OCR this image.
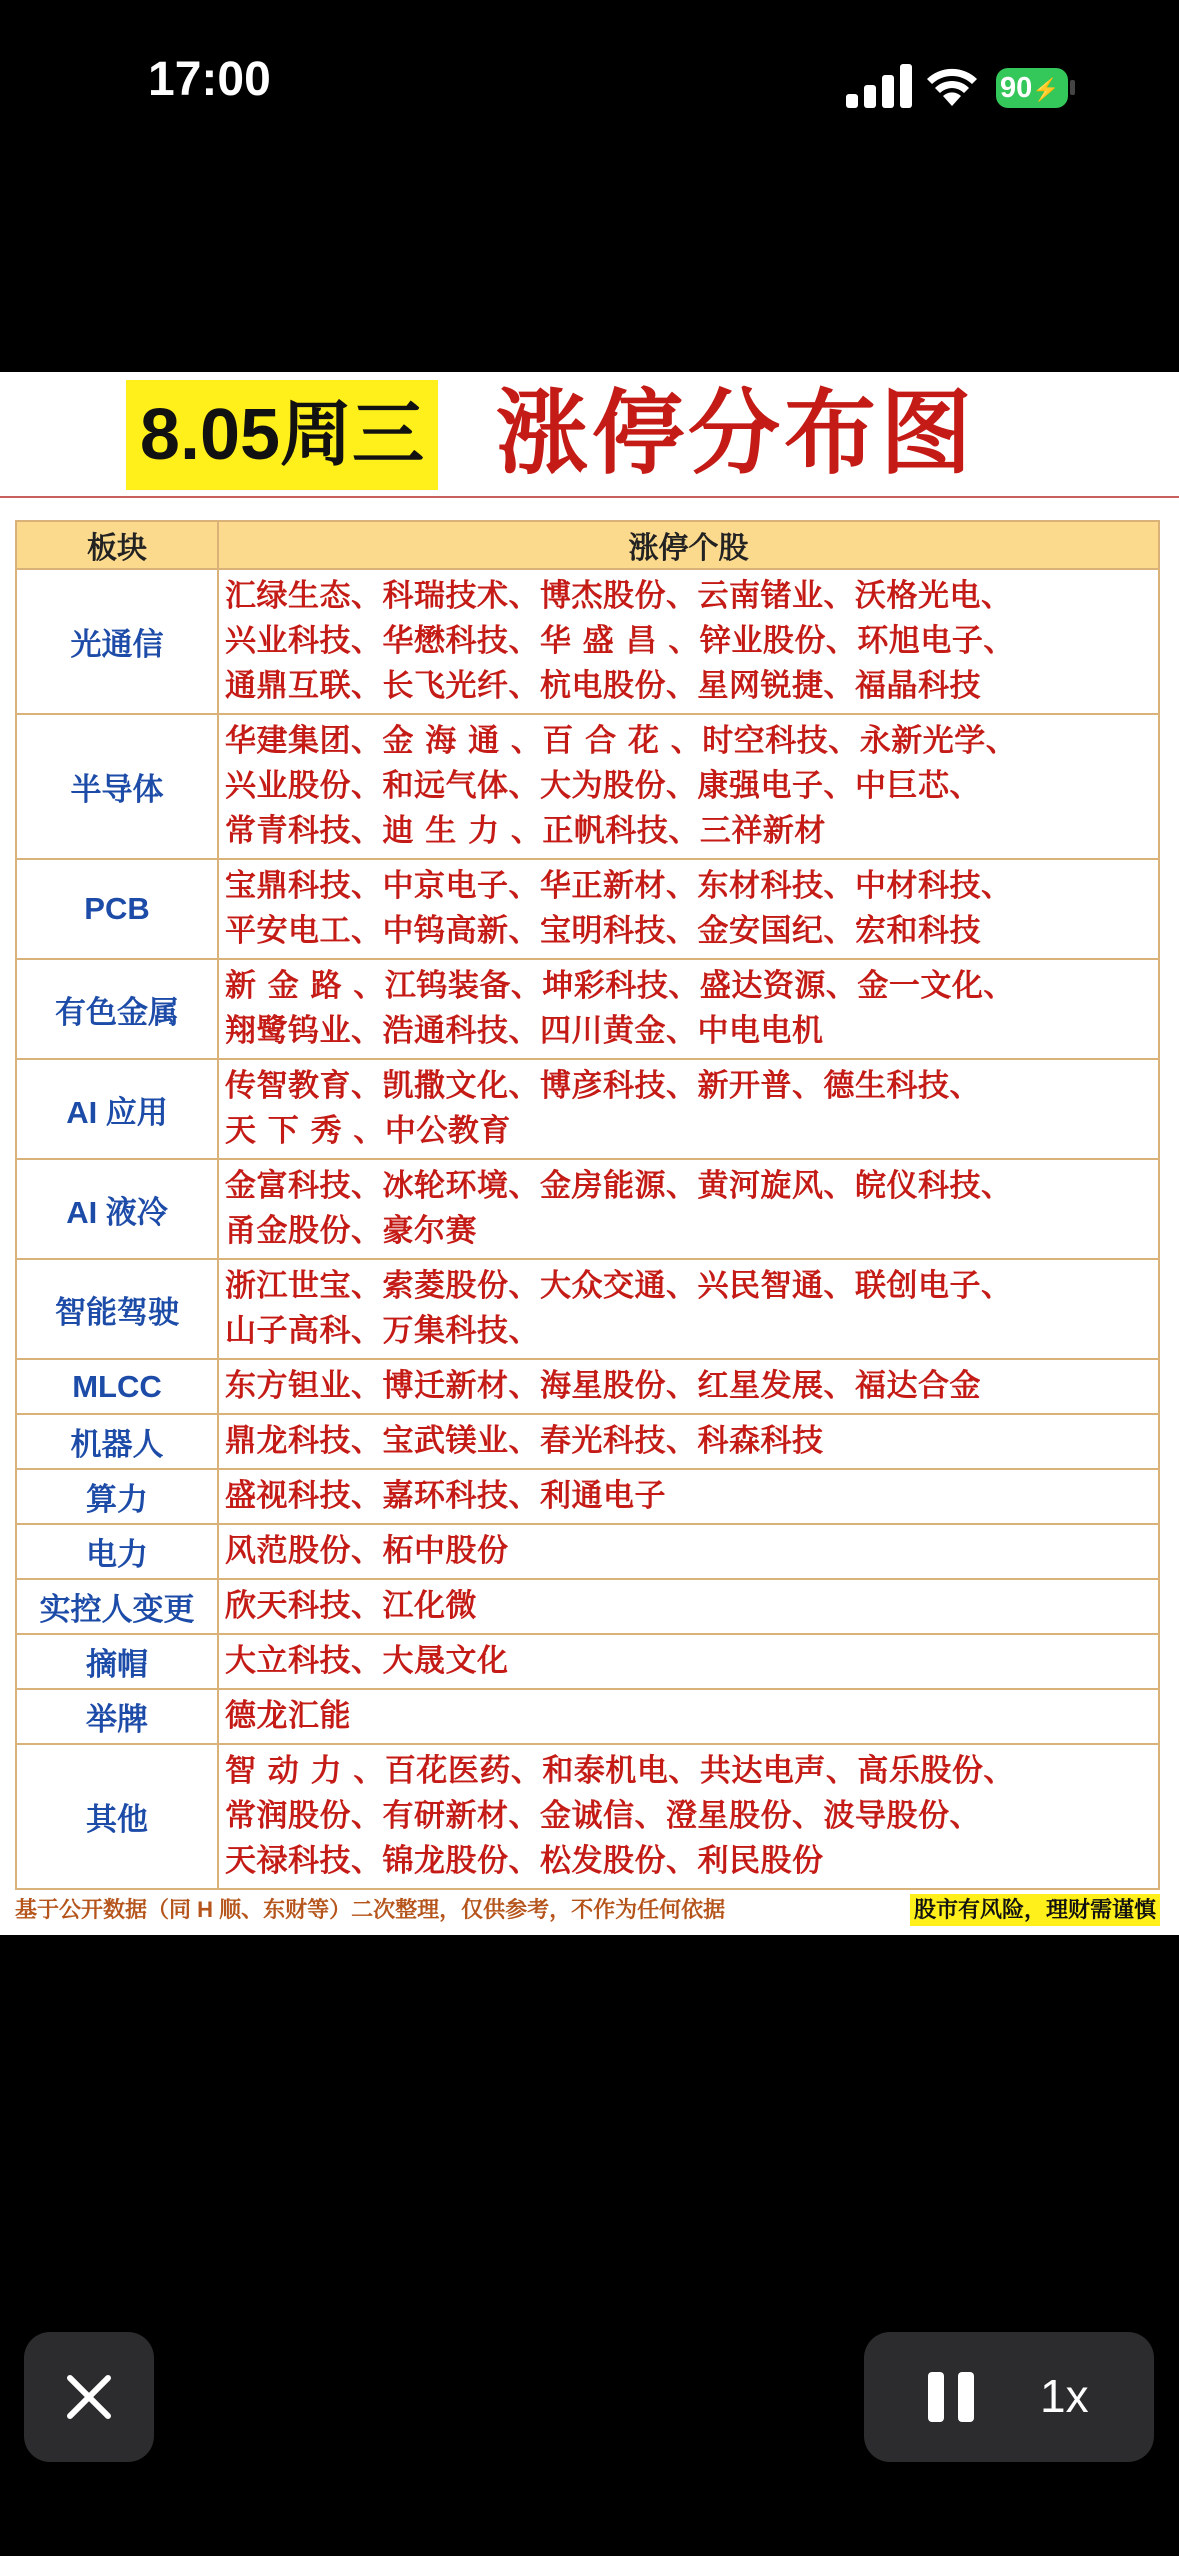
17:00	90⚡
8.05周三 涨停分布图
板块	涨停个股
光通信	汇绿生态、科瑞技术、博杰股份、云南锗业、沃格光电、
兴业科技、华懋科技、华 盛 昌 、锌业股份、环旭电子、
通鼎互联、长飞光纤、杭电股份、星网锐捷、福晶科技

半导体	华建集团、金 海 通 、百 合 花 、时空科技、永新光学、
兴业股份、和远气体、大为股份、康强电子、中巨芯、
常青科技、迪 生 力 、正帆科技、三祥新材

PCB	宝鼎科技、中京电子、华正新材、东材科技、中材科技、
平安电工、中钨高新、宝明科技、金安国纪、宏和科技

有色金属	新 金 路 、江钨装备、坤彩科技、盛达资源、金一文化、
翔鹭钨业、浩通科技、四川黄金、中电电机

AI 应用	传智教育、凯撒文化、博彦科技、新开普、德生科技、
天 下 秀 、中公教育

AI 液冷	金富科技、冰轮环境、金房能源、黄河旋风、皖仪科技、
甬金股份、豪尔赛

智能驾驶	浙江世宝、索菱股份、大众交通、兴民智通、联创电子、
山子高科、万集科技、

MLCC	东方钽业、博迁新材、海星股份、红星发展、福达合金

机器人	鼎龙科技、宝武镁业、春光科技、科森科技

算力	盛视科技、嘉环科技、利通电子

电力	风范股份、柘中股份

实控人变更	欣天科技、江化微

摘帽	大立科技、大晟文化

举牌	德龙汇能

其他	智 动 力 、百花医药、和泰机电、共达电声、高乐股份、
常润股份、有研新材、金诚信、澄星股份、波导股份、
天禄科技、锦龙股份、松发股份、利民股份
基于公开数据（同 H 顺、东财等）二次整理，仅供参考，不作为任何依据	股市有风险，理财需谨慎
1x
